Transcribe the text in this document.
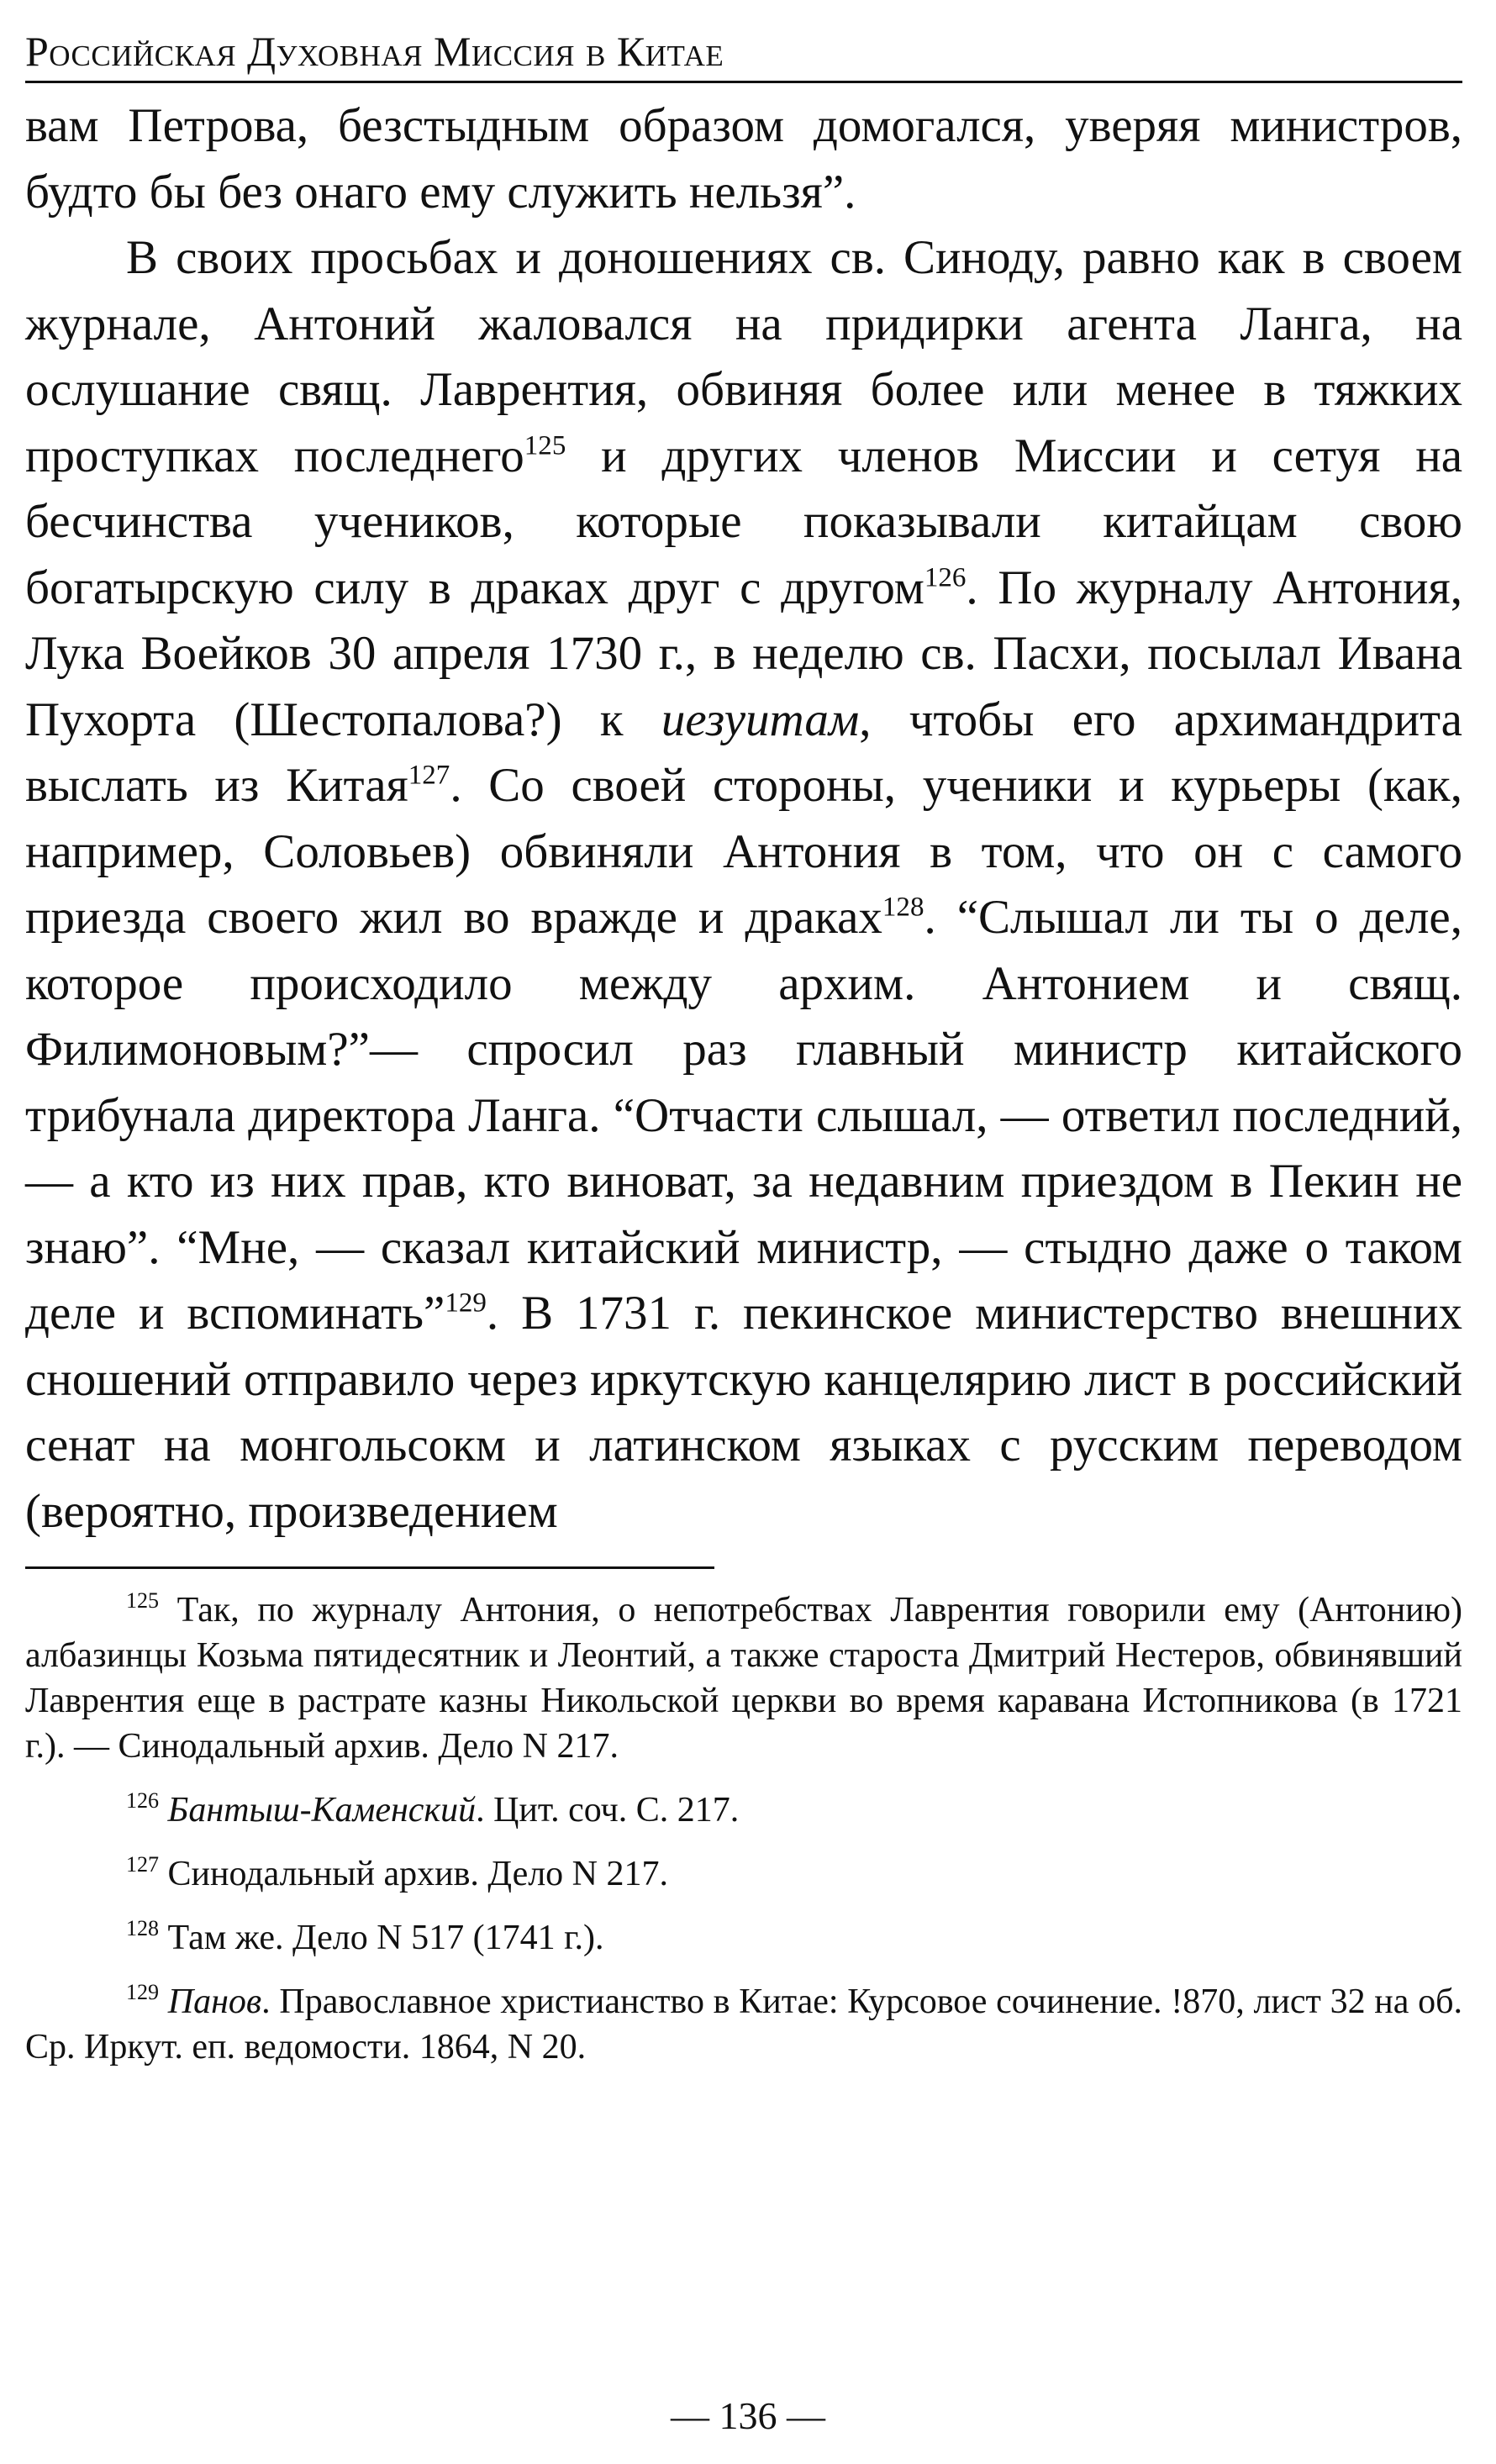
Российская Духовная Миссия в Китае

вам Петрова, безстыдным образом домогался, уверяя министров, будто бы без онаго ему служить нельзя”.

В своих просьбах и доношениях св. Синоду, равно как в своем журнале, Антоний жаловался на придирки агента Ланга, на ослушание свящ. Лаврентия, обвиняя более или менее в тяжких проступках последнего$^{125}$ и других членов Миссии и сетуя на бесчинства учеников, которые показывали китайцам свою богатырскую силу в драках друг с другом$^{126}$. По журналу Антония, Лука Воейков 30 апреля 1730 г., в неделю св. Пасхи, посылал Ивана Пухорта (Шестопалова?) к иезуитам, чтобы его архимандрита выслать из Китая$^{127}$. Со своей стороны, ученики и курьеры (как, например, Соловьев) обвиняли Антония в том, что он с самого приезда своего жил во вражде и драках$^{128}$. “Слышал ли ты о деле, которое происходило между архим. Антонием и свящ. Филимоновым?”— спросил раз главный министр китайского трибунала директора Ланга. “Отчасти слышал, — ответил последний, — а кто из них прав, кто виноват, за недавним приездом в Пекин не знаю”. “Мне, — сказал китайский министр, — стыдно даже о таком деле и вспоминать”$^{129}$. В 1731 г. пекинское министерство внешних сношений отправило через иркутскую канцелярию лист в российский сенат на монгольсокм и латинском языках с русским переводом (вероятно, произведением

$^{125}$ Так, по журналу Антония, о непотребствах Лаврентия говорили ему (Антонию) албазинцы Козьма пятидесятник и Леонтий, а также староста Дмитрий Нестеров, обвинявший Лаврентия еще в растрате казны Никольской церкви во время каравана Истопникова (в 1721 г.). — Синодальный архив. Дело N 217.

$^{126}$ Бантыш-Каменский. Цит. соч. С. 217.

$^{127}$ Синодальный архив. Дело N 217.

$^{128}$ Там же. Дело N 517 (1741 г.).

$^{129}$ Панов. Православное христианство в Китае: Курсовое сочинение. !870, лист 32 на об. Ср. Иркут. еп. ведомости. 1864, N 20.

— 136 —
